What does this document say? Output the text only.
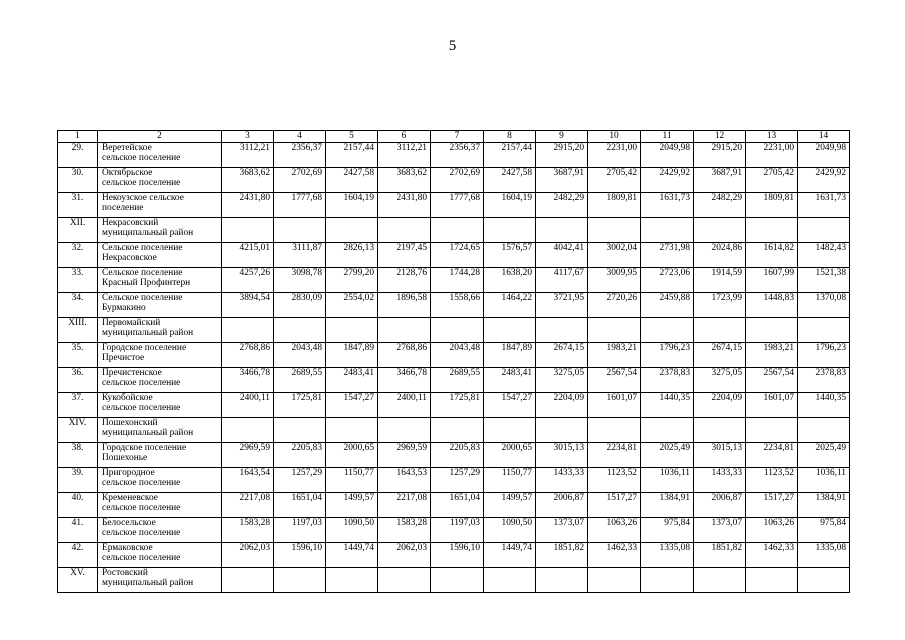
5
1	2	3	4	5	6	7	8	9	10	11	12	13	14
29.	Веретейское
сельское поселение	3112,21	2356,37	2157,44	3112,21	2356,37	2157,44	2915,20	2231,00	2049,98	2915,20	2231,00	2049,98
30.	Октябрьское
сельское поселение	3683,62	2702,69	2427,58	3683,62	2702,69	2427,58	3687,91	2705,42	2429,92	3687,91	2705,42	2429,92
31.	Некоузское сельское
поселение	2431,80	1777,68	1604,19	2431,80	1777,68	1604,19	2482,29	1809,81	1631,73	2482,29	1809,81	1631,73
XII.	Некрасовский
муниципальный район												

32.	Сельское поселение
Некрасовское	4215,01	3111,87	2826,13	2197,45	1724,65	1576,57	4042,41	3002,04	2731,98	2024,86	1614,82	1482,43
33.	Сельское поселение
Красный Профинтерн	4257,26	3098,78	2799,20	2128,76	1744,28	1638,20	4117,67	3009,95	2723,06	1914,59	1607,99	1521,38
34.	Сельское поселение
Бурмакино	3894,54	2830,09	2554,02	1896,58	1558,66	1464,22	3721,95	2720,26	2459,88	1723,99	1448,83	1370,08
XIII.	Первомайский
муниципальный район												

35.	Городское поселение
Пречистое	2768,86	2043,48	1847,89	2768,86	2043,48	1847,89	2674,15	1983,21	1796,23	2674,15	1983,21	1796,23
36.	Пречистенское
сельское поселение	3466,78	2689,55	2483,41	3466,78	2689,55	2483,41	3275,05	2567,54	2378,83	3275,05	2567,54	2378,83
37.	Кукобойское
сельское поселение	2400,11	1725,81	1547,27	2400,11	1725,81	1547,27	2204,09	1601,07	1440,35	2204,09	1601,07	1440,35
XIV.	Пошехонский
муниципальный район												

38.	Городское поселение
Пошехонье	2969,59	2205,83	2000,65	2969,59	2205,83	2000,65	3015,13	2234,81	2025,49	3015,13	2234,81	2025,49
39.	Пригородное
сельское поселение	1643,54	1257,29	1150,77	1643,53	1257,29	1150,77	1433,33	1123,52	1036,11	1433,33	1123,52	1036,11
40.	Кременевское
сельское поселение	2217,08	1651,04	1499,57	2217,08	1651,04	1499,57	2006,87	1517,27	1384,91	2006,87	1517,27	1384,91
41.	Белосельское
сельское поселение	1583,28	1197,03	1090,50	1583,28	1197,03	1090,50	1373,07	1063,26	975,84	1373,07	1063,26	975,84
42.	Ермаковское
сельское поселение	2062,03	1596,10	1449,74	2062,03	1596,10	1449,74	1851,82	1462,33	1335,08	1851,82	1462,33	1335,08
XV.	Ростовский
муниципальный район												
